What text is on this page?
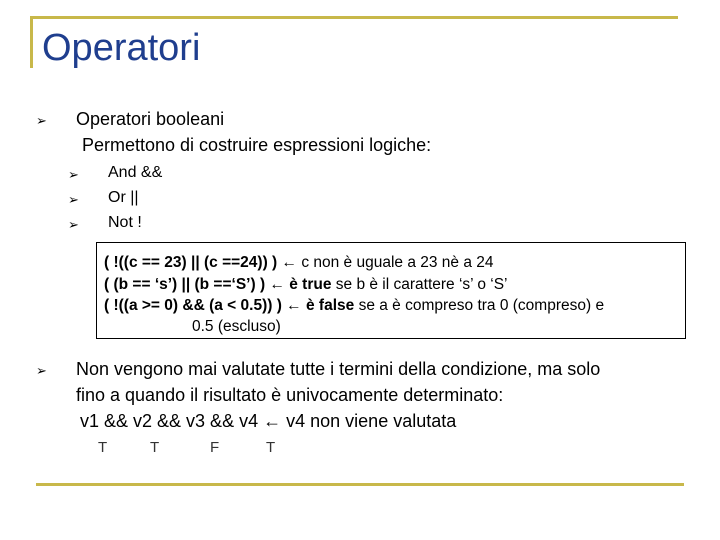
Operatori
➢ Operatori booleani
Permettono di costruire espressioni logiche:
➢ And &&
➢ Or ||
➢ Not !
( !((c == 23) || (c ==24)) ) ← c non è uguale a 23 nè a 24
( (b == ‘s’) || (b ==‘S’) ) ← è true se b è il carattere ‘s’ o ‘S’
( !((a >= 0) && (a < 0.5)) ) ← è false se a è compreso tra 0 (compreso) e
0.5 (escluso)
➢ Non vengono mai valutate tutte i termini della condizione, ma solo
fino a quando il risultato è univocamente determinato:
v1 && v2 && v3 && v4 ← v4 non viene valutata
T	T	F	T
